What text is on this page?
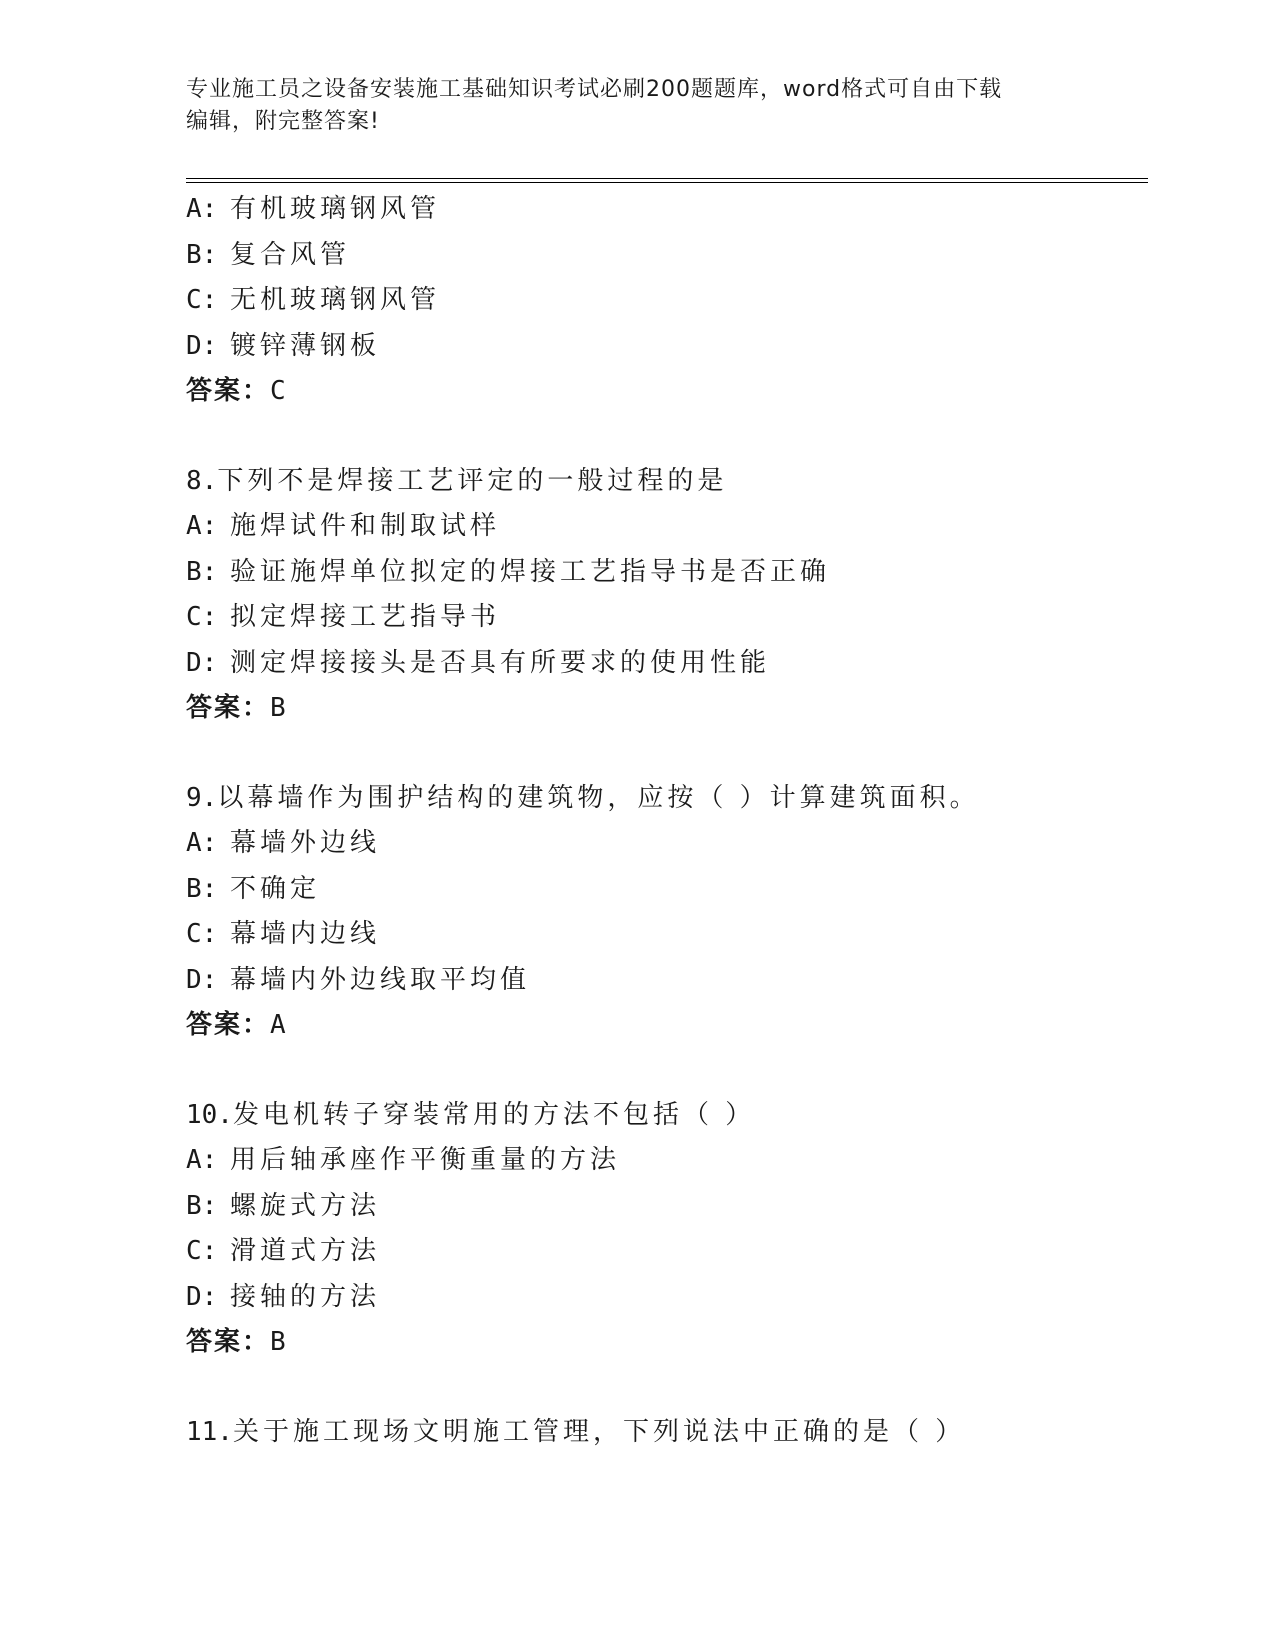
专业施工员之设备安装施工基础知识考试必刷200题题库，word格式可自由下载
编辑，附完整答案!
A: 有机玻璃钢风管
B: 复合风管
C: 无机玻璃钢风管
D: 镀锌薄钢板
答案：C
8.下列不是焊接工艺评定的一般过程的是
A: 施焊试件和制取试样
B: 验证施焊单位拟定的焊接工艺指导书是否正确
C: 拟定焊接工艺指导书
D: 测定焊接接头是否具有所要求的使用性能
答案：B
9.以幕墙作为围护结构的建筑物，应按（ ）计算建筑面积。
A: 幕墙外边线
B: 不确定
C: 幕墙内边线
D: 幕墙内外边线取平均值
答案：A
10.发电机转子穿装常用的方法不包括（ ）
A: 用后轴承座作平衡重量的方法
B: 螺旋式方法
C: 滑道式方法
D: 接轴的方法
答案：B
11.关于施工现场文明施工管理，下列说法中正确的是（ ）
